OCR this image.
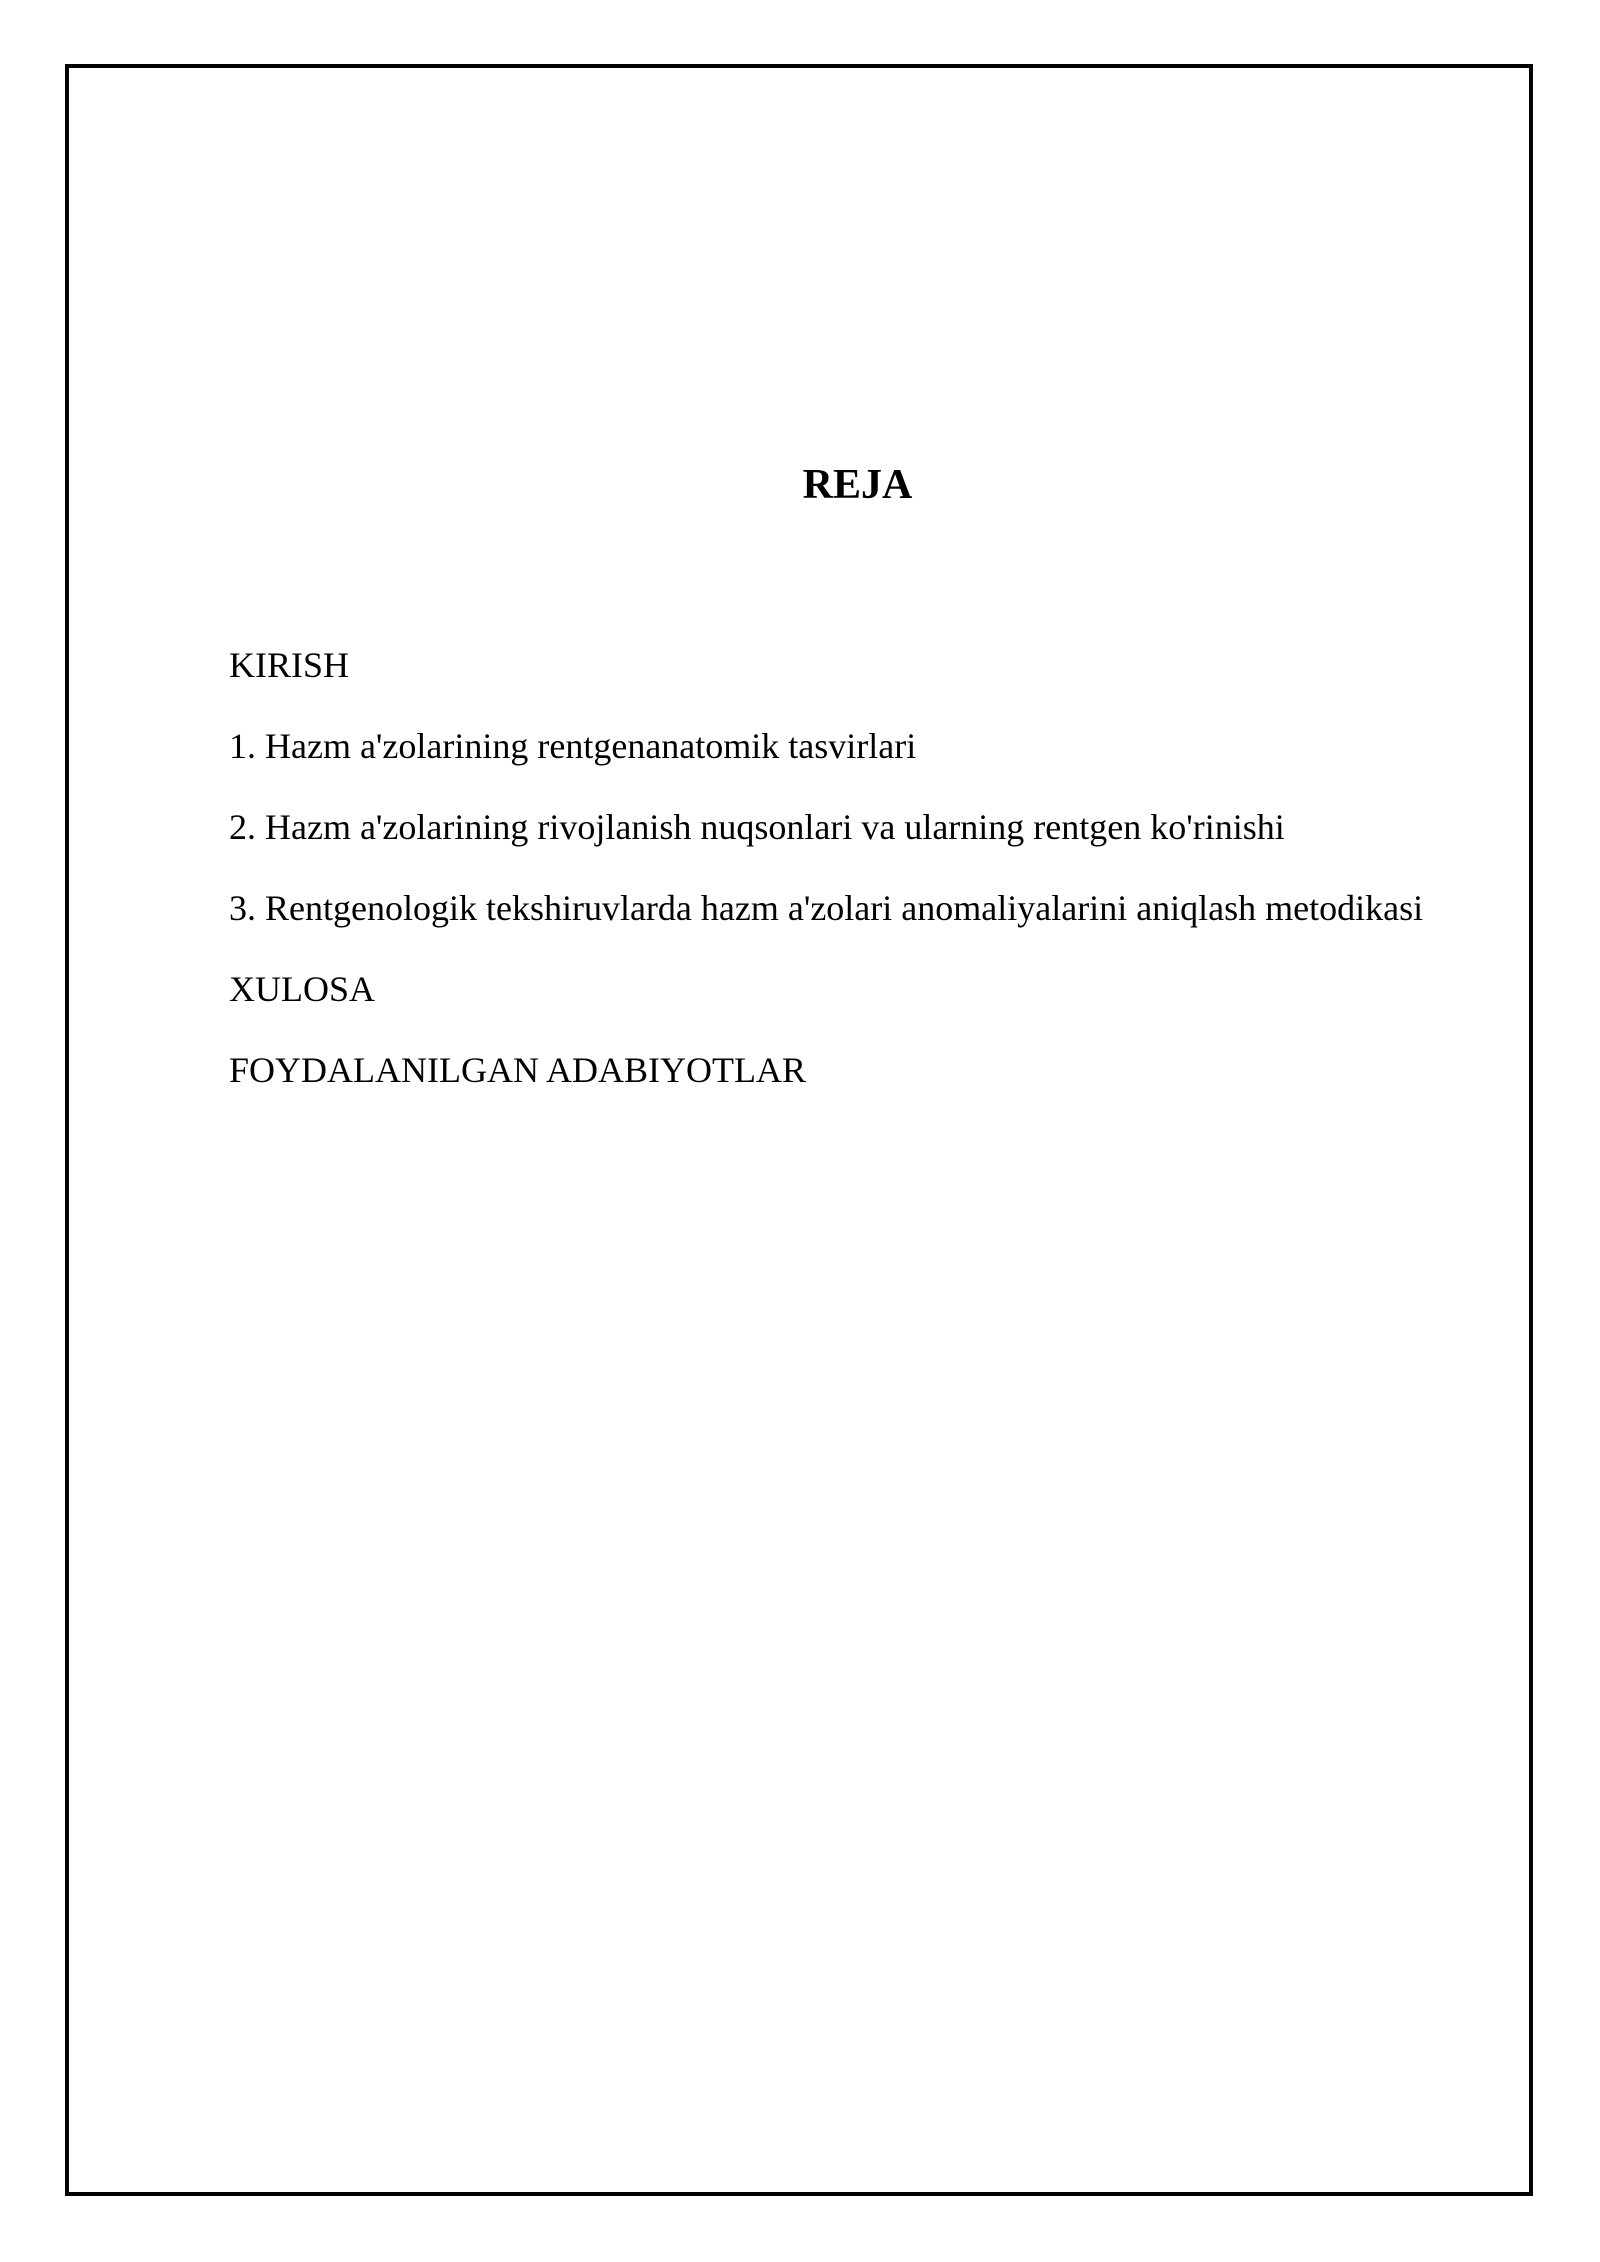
REJA
KIRISH
1. Hazm a'zolarining rentgenanatomik tasvirlari
2. Hazm a'zolarining rivojlanish nuqsonlari va ularning rentgen ko'rinishi
3. Rentgenologik tekshiruvlarda hazm a'zolari anomaliyalarini aniqlash metodikasi
XULOSA
FOYDALANILGAN ADABIYOTLAR
